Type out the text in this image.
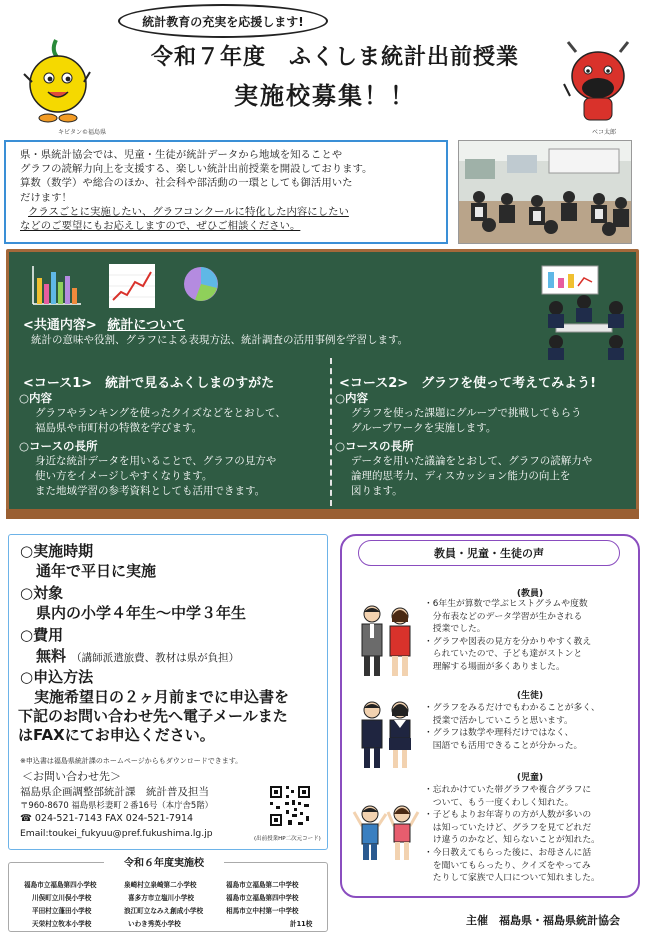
統計教育の充実を応援します!
キビタン©福島県
令和７年度　ふくしま統計出前授業
実施校募集！！
ベコ太郎
県・県統計協会では、児童・生徒が統計データから地域を知ることや
グラフの読解力向上を支援する、楽しい統計出前授業を開設しております。
算数（数学）や総合のほか、社会科や部活動の一環としても御活用いた
だけます！
クラスごとに実施したい、グラフコンクールに特化した内容にしたい
などのご要望にもお応えしますので、ぜひご相談ください。
<共通内容> 統計について
統計の意味や役割、グラフによる表現方法、統計調査の活用事例を学習します。
<コース1>　統計で見るふくしまのすがた
○内容
グラフやランキングを使ったクイズなどをとおして、
福島県や市町村の特徴を学びます。
○コースの長所
身近な統計データを用いることで、グラフの見方や
使い方をイメージしやすくなります。
また地域学習の参考資料としても活用できます。
<コース2>　グラフを使って考えてみよう!
○内容
グラフを使った課題にグループで挑戦してもらう
グループワークを実施します。
○コースの長所
データを用いた議論をとおして、グラフの読解力や
論理的思考力、ディスカッション能力の向上を
図ります。
○実施時期
通年で平日に実施
○対象
県内の小学４年生～中学３年生
○費用
無料 （講師派遣旅費、教材は県が負担）
○申込方法
実施希望日の２ヶ月前までに申込書を
下記のお問い合わせ先へ電子メールまた
はFAXにてお申込ください。
※申込書は福島県統計課のホームページからもダウンロードできます。
＜お問い合わせ先＞
福島県企画調整部統計課　統計普及担当
〒960-8670 福島県杉妻町２番16号（本庁舎5階）
☎ 024-521-7143 FAX 024-521-7914
Email:toukei_fukyuu@pref.fukushima.lg.jp	(出前授業HP二次元コード)
令和６年度実施校
福島市立福島第四小学校	泉崎村立泉崎第二小学校	福島市立福島第二中学校
川俣町立川俣小学校	喜多方市立塩川小学校	福島市立福島第四中学校
平田村立蓬田小学校	浪江町立なみえ創成小学校	相馬市立中村第一中学校
天栄村立牧本小学校	いわき秀英小学校	計11校
教員・児童・生徒の声
(教員)
・6年生が算数で学ぶヒストグラムや度数
　分布表などのデータ学習が生かされる
　授業でした。
・グラフや図表の見方を分かりやすく教え
　られていたので、子ども達がストンと
　理解する場面が多くありました。
(生徒)
・グラフをみるだけでもわかることが多く、
　授業で活かしていこうと思います。
・グラフは数学や理科だけではなく、
　国語でも活用できることが分かった。
(児童)
・忘れかけていた帯グラフや複合グラフに
　ついて、もう一度くわしく知れた。
・子どもよりお年寄りの方が人数が多いの
　は知っていたけど、グラフを見てどれだ
　け違うのかなど、知らないことが知れた。
・今日教えてもらった後に、お母さんに話
　を聞いてもらったり、クイズをやってみ
　たりして家族で人口について知れました。
主催　福島県・福島県統計協会
